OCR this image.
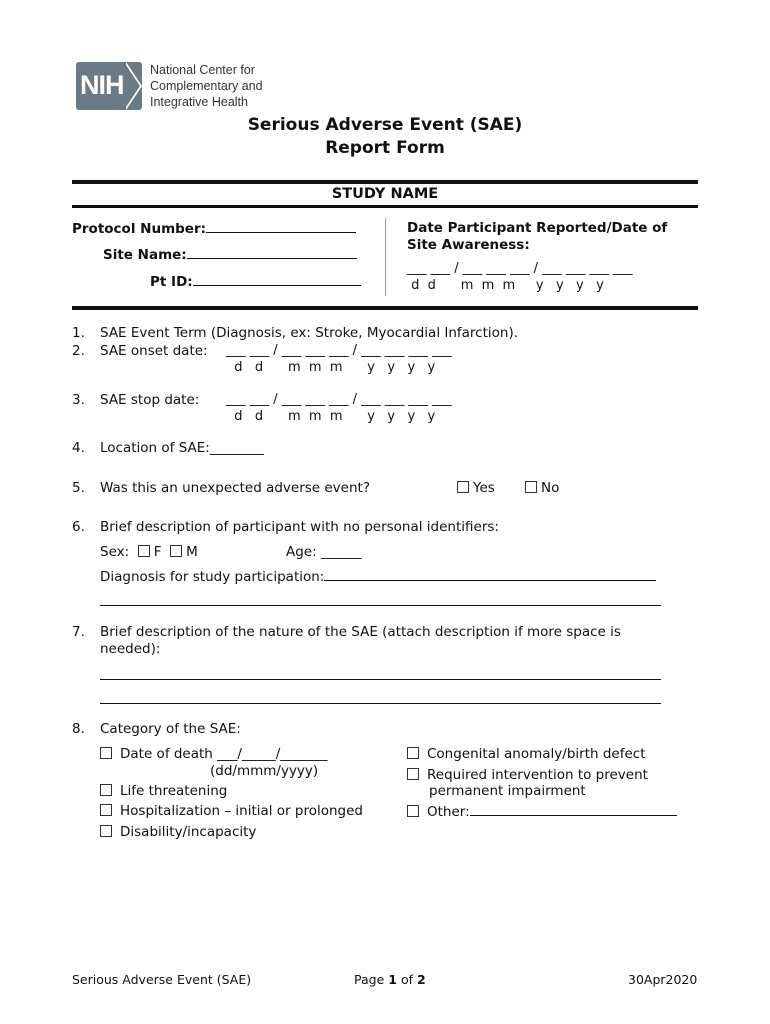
NIH National Center for
Complementary and
Integrative Health
Serious Adverse Event (SAE)
Report Form
STUDY NAME
Protocol Number:
Site Name:
Pt ID:
Date Participant Reported/Date of
Site Awareness:
___ ___ / ___ ___ ___ / ___ ___ ___ ___
d  d      m  m  m     y   y   y   y
1. SAE Event Term (Diagnosis, ex: Stroke, Myocardial Infarction).
2. SAE onset date: ___ ___ / ___ ___ ___ / ___ ___ ___ ___
d   d      m  m  m      y   y   y   y
3. SAE stop date: ___ ___ / ___ ___ ___ / ___ ___ ___ ___
d   d      m  m  m      y   y   y   y
4. Location of SAE:________
5. Was this an unexpected adverse event?	Yes	No
6. Brief description of participant with no personal identifiers:
Sex: F M	Age: ______
Diagnosis for study participation:
7. Brief description of the nature of the SAE (attach description if more space is
needed):
8. Category of the SAE:
Date of death ___/_____/_______
(dd/mmm/yyyy)
Life threatening
Hospitalization – initial or prolonged
Disability/incapacity
Congenital anomaly/birth defect
Required intervention to prevent
permanent impairment
Other:
Serious Adverse Event (SAE)	Page 1 of 2	30Apr2020
